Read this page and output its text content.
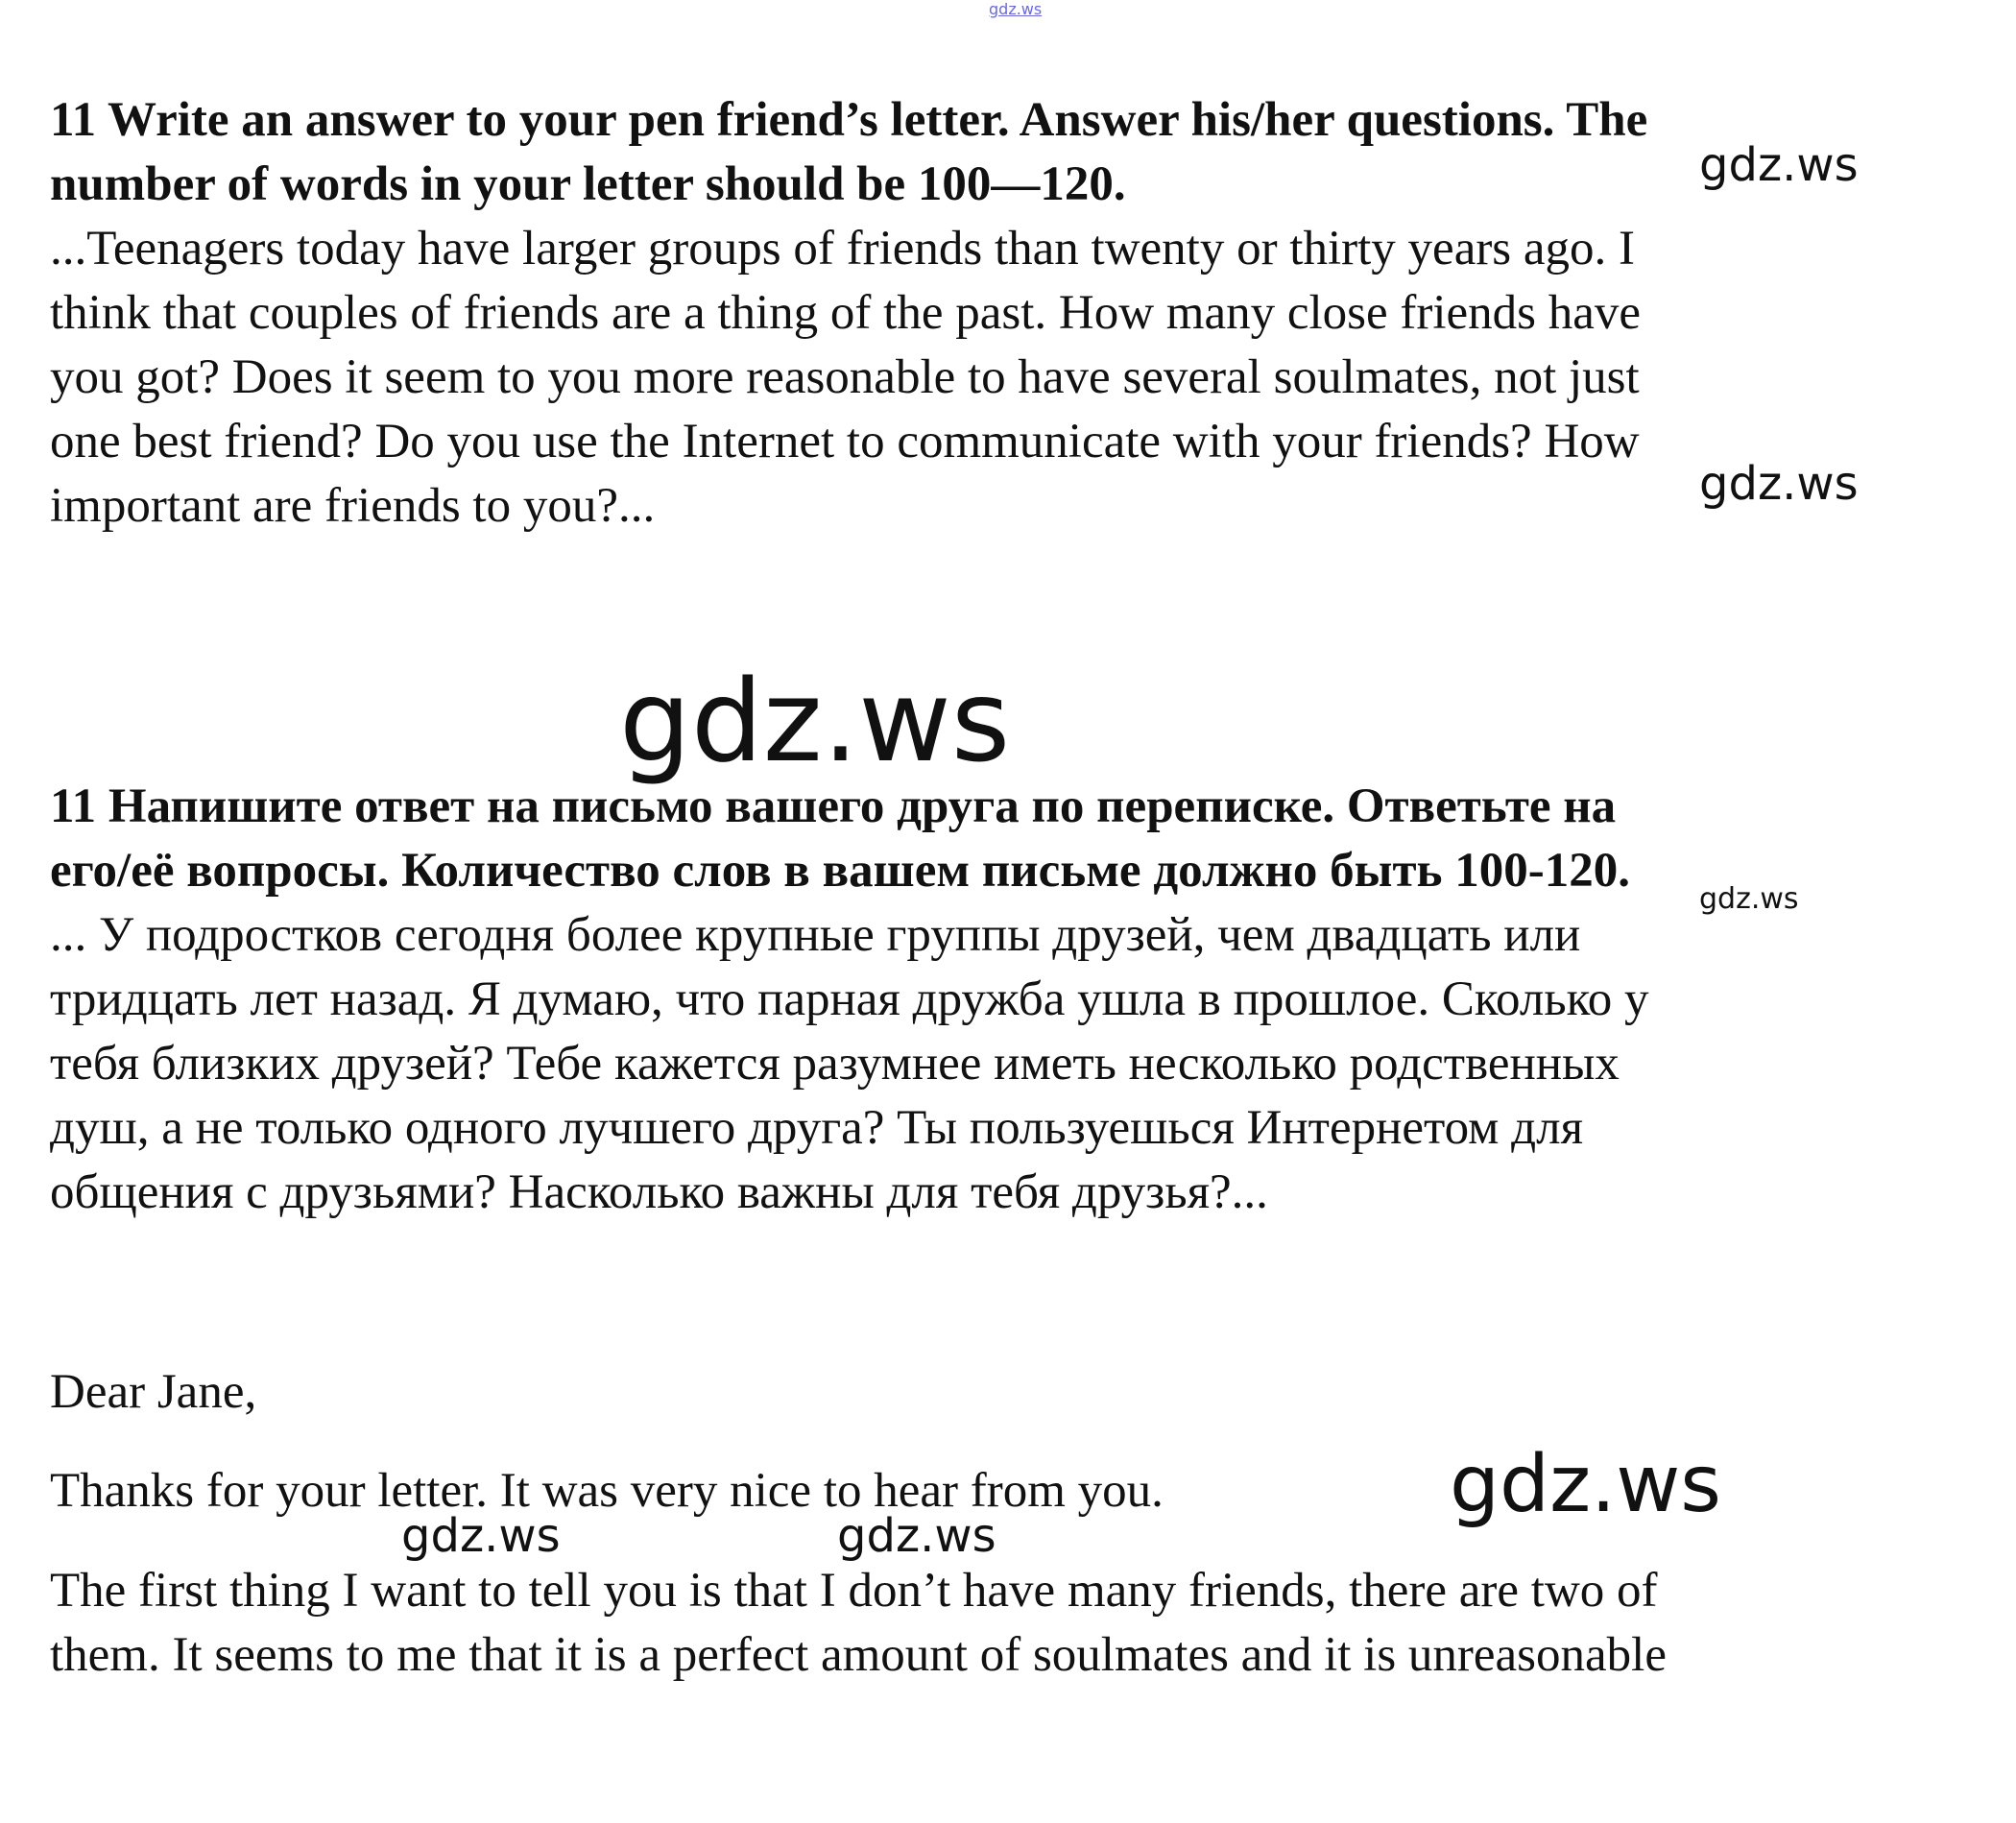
gdz.ws
11 Write an answer to your pen friend’s letter. Answer his/her questions. The
number of words in your letter should be 100—120.
...Teenagers today have larger groups of friends than twenty or thirty years ago. I
think that couples of friends are a thing of the past. How many close friends have
you got? Does it seem to you more reasonable to have several soulmates, not just
one best friend? Do you use the Internet to communicate with your friends? How
important are friends to you?...
11 Напишите ответ на письмо вашего друга по переписке. Ответьте на
его/её вопросы. Количество слов в вашем письме должно быть 100-120.
... У подростков сегодня более крупные группы друзей, чем двадцать или
тридцать лет назад. Я думаю, что парная дружба ушла в прошлое. Сколько у
тебя близких друзей? Тебе кажется разумнее иметь несколько родственных
душ, а не только одного лучшего друга? Ты пользуешься Интернетом для
общения с друзьями? Насколько важны для тебя друзья?...
Dear Jane,
Thanks for your letter. It was very nice to hear from you.
The first thing I want to tell you is that I don’t have many friends, there are two of
them. It seems to me that it is a perfect amount of soulmates and it is unreasonable
gdz.ws
gdz.ws
gdz.ws
gdz.ws
gdz.ws
gdz.ws	gdz.ws
